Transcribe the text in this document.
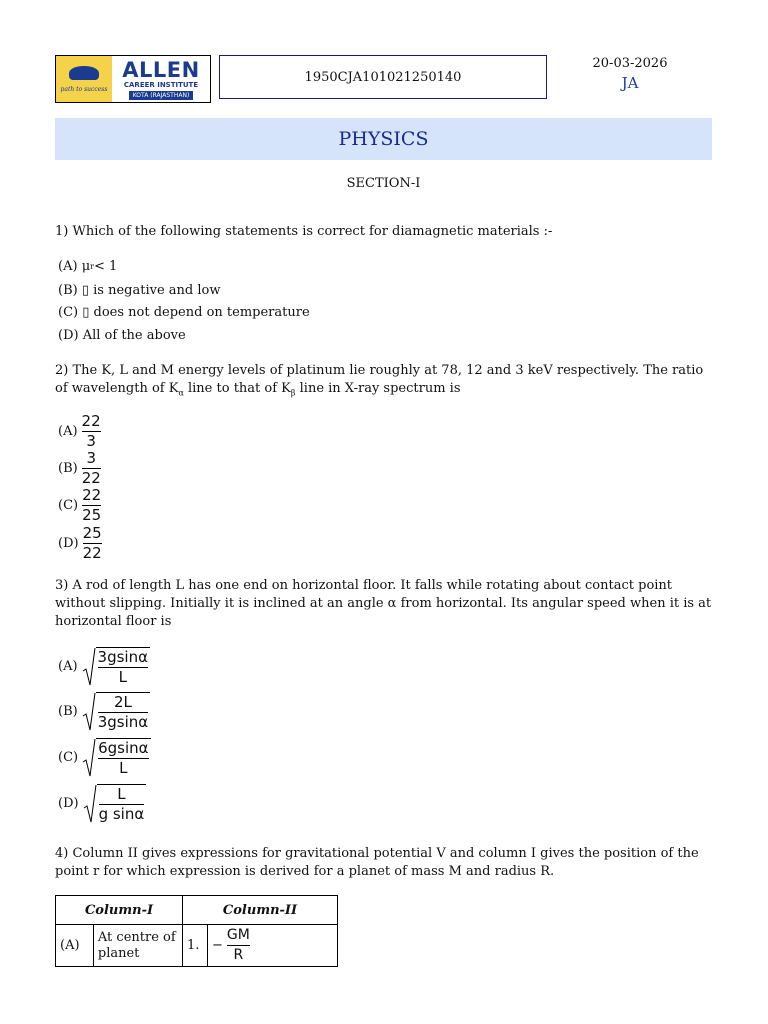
path to success
ALLEN
CAREER INSTITUTE
KOTA (RAJASTHAN)
1950CJA101021250140
20-03-2026
JA
PHYSICS
SECTION-I
1) Which of the following statements is correct for diamagnetic materials :-
(A)
μ r < 1
(B)
▯ is negative and low
(C)
▯ does not depend on temperature
(D)
All of the above
2) The K, L and M energy levels of platinum lie roughly at 78, 12 and 3 keV respectively. The ratio
of wavelength of $K_\alpha$ line to that of $K_\beta$ line in X-ray spectrum is
$(A) \frac{22}{3}$
$(B) \frac{3}{22}$
$(C) \frac{22}{25}$
$(D) \frac{25}{22}$
3) A rod of length L has one end on horizontal floor. It falls while rotating about contact point
without slipping. Initially it is inclined at an angle α from horizontal. Its angular speed when it is at
horizontal floor is
$(A) \frac{3gsin\alpha}{L}$
$(B) \frac{2L}{3gsin\alpha}$
$(C) \frac{6gsin\alpha}{L}$
$(D) \frac{L}{\text{g sinα}}$
4) Column II gives expressions for gravitational potential V and column I gives the position of the
point r for which expression is derived for a planet of mass M and radius R.
Column-I		Column-II	
(A)	At centre of planet	1.	− $\frac{GM}{R}$
